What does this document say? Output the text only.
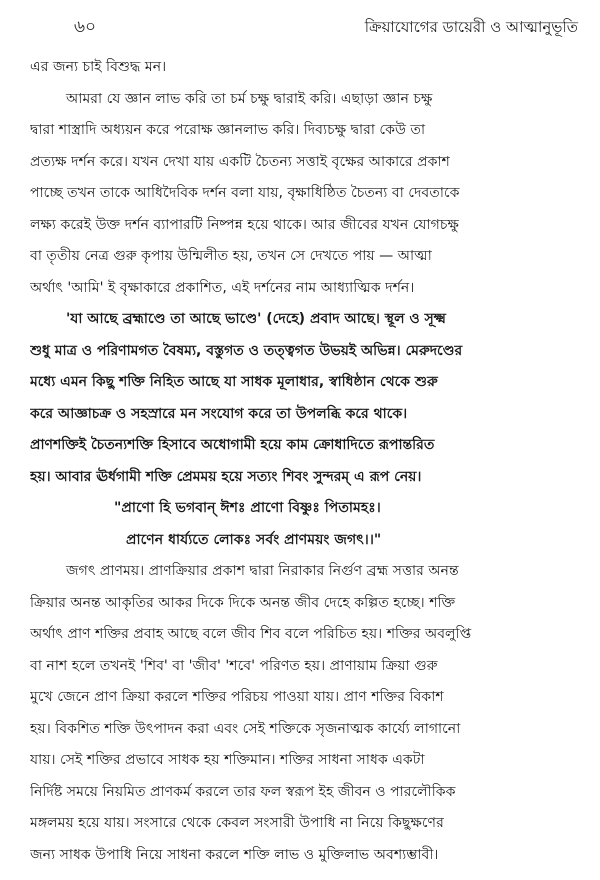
৬০	ক্রিয়াযোগের ডায়েরী ও আত্মানুভূতি
এর জন্য চাই বিশুদ্ধ মন।
আমরা যে জ্ঞান লাভ করি তা চর্ম চক্ষু দ্বারাই করি। এছাড়া জ্ঞান চক্ষু
দ্বারা শাস্ত্রাদি অধ্যয়ন করে পরোক্ষ জ্ঞানলাভ করি। দিব্যচক্ষু দ্বারা কেউ তা
প্রত্যক্ষ দর্শন করে। যখন দেখা যায় একটি চৈতন্য সত্তাই বৃক্ষের আকারে প্রকাশ
পাচ্ছে তখন তাকে আধিদৈবিক দর্শন বলা যায়, বৃক্ষাধিষ্ঠিত চৈতন্য বা দেবতাকে
লক্ষ্য করেই উক্ত দর্শন ব্যাপারটি নিষ্পন্ন হয়ে থাকে। আর জীবের যখন যোগচক্ষু
বা তৃতীয় নেত্র গুরু কৃপায় উন্মিলীত হয়, তখন সে দেখতে পায় — আত্মা
অর্থাৎ 'আমি' ই বৃক্ষাকারে প্রকাশিত, এই দর্শনের নাম আধ্যাত্মিক দর্শন।
'যা আছে ব্রহ্মাণ্ডে তা আছে ভাণ্ডে' (দেহে) প্রবাদ আছে। স্থূল ও সূক্ষ্ম
শুধু মাত্র ও পরিণামগত বৈষম্য, বস্তুগত ও তত্ত্বগত উভয়ই অভিন্ন। মেরুদণ্ডের
মধ্যে এমন কিছু শক্তি নিহিত আছে যা সাধক মূলাধার, স্বাধিষ্ঠান থেকে শুরু
করে আজ্ঞাচক্র ও সহস্রারে মন সংযোগ করে তা উপলব্ধি করে থাকে।
প্রাণশক্তিই চৈতন্যশক্তি হিসাবে অধোগামী হয়ে কাম ক্রোধাদিতে রূপান্তরিত
হয়। আবার ঊর্ধগামী শক্তি প্রেমময় হয়ে সত্যং শিবং সুন্দরম্ এ রূপ নেয়।
"প্রাণো হি ভগবান্ ঈশঃ প্রাণো বিষ্ণুঃ পিতামহঃ।
প্রাণেন ধার্য্যতে লোকঃ সর্বং প্রাণময়ং জগৎ।।"
জগৎ প্রাণময়। প্রাণক্রিয়ার প্রকাশ দ্বারা নিরাকার নির্গুণ ব্রহ্ম সত্তার অনন্ত
ক্রিয়ার অনন্ত আকৃতির আকর দিকে দিকে অনন্ত জীব দেহে কল্পিত হচ্ছে। শক্তি
অর্থাৎ প্রাণ শক্তির প্রবাহ আছে বলে জীব শিব বলে পরিচিত হয়। শক্তির অবলুপ্তি
বা নাশ হলে তখনই 'শিব' বা 'জীব' 'শবে' পরিণত হয়। প্রাণায়াম ক্রিয়া গুরু
মুখে জেনে প্রাণ ক্রিয়া করলে শক্তির পরিচয় পাওয়া যায়। প্রাণ শক্তির বিকাশ
হয়। বিকশিত শক্তি উৎপাদন করা এবং সেই শক্তিকে সৃজনাত্মক কার্য্যে লাগানো
যায়। সেই শক্তির প্রভাবে সাধক হয় শক্তিমান। শক্তির সাধনা সাধক একটা
নির্দিষ্ট সময়ে নিয়মিত প্রাণকর্ম করলে তার ফল স্বরূপ ইহ জীবন ও পারলৌকিক
মঙ্গলময় হয়ে যায়। সংসারে থেকে কেবল সংসারী উপাধি না নিয়ে কিছুক্ষণের
জন্য সাধক উপাধি নিয়ে সাধনা করলে শক্তি লাভ ও মুক্তিলাভ অবশ্যম্ভাবী।
